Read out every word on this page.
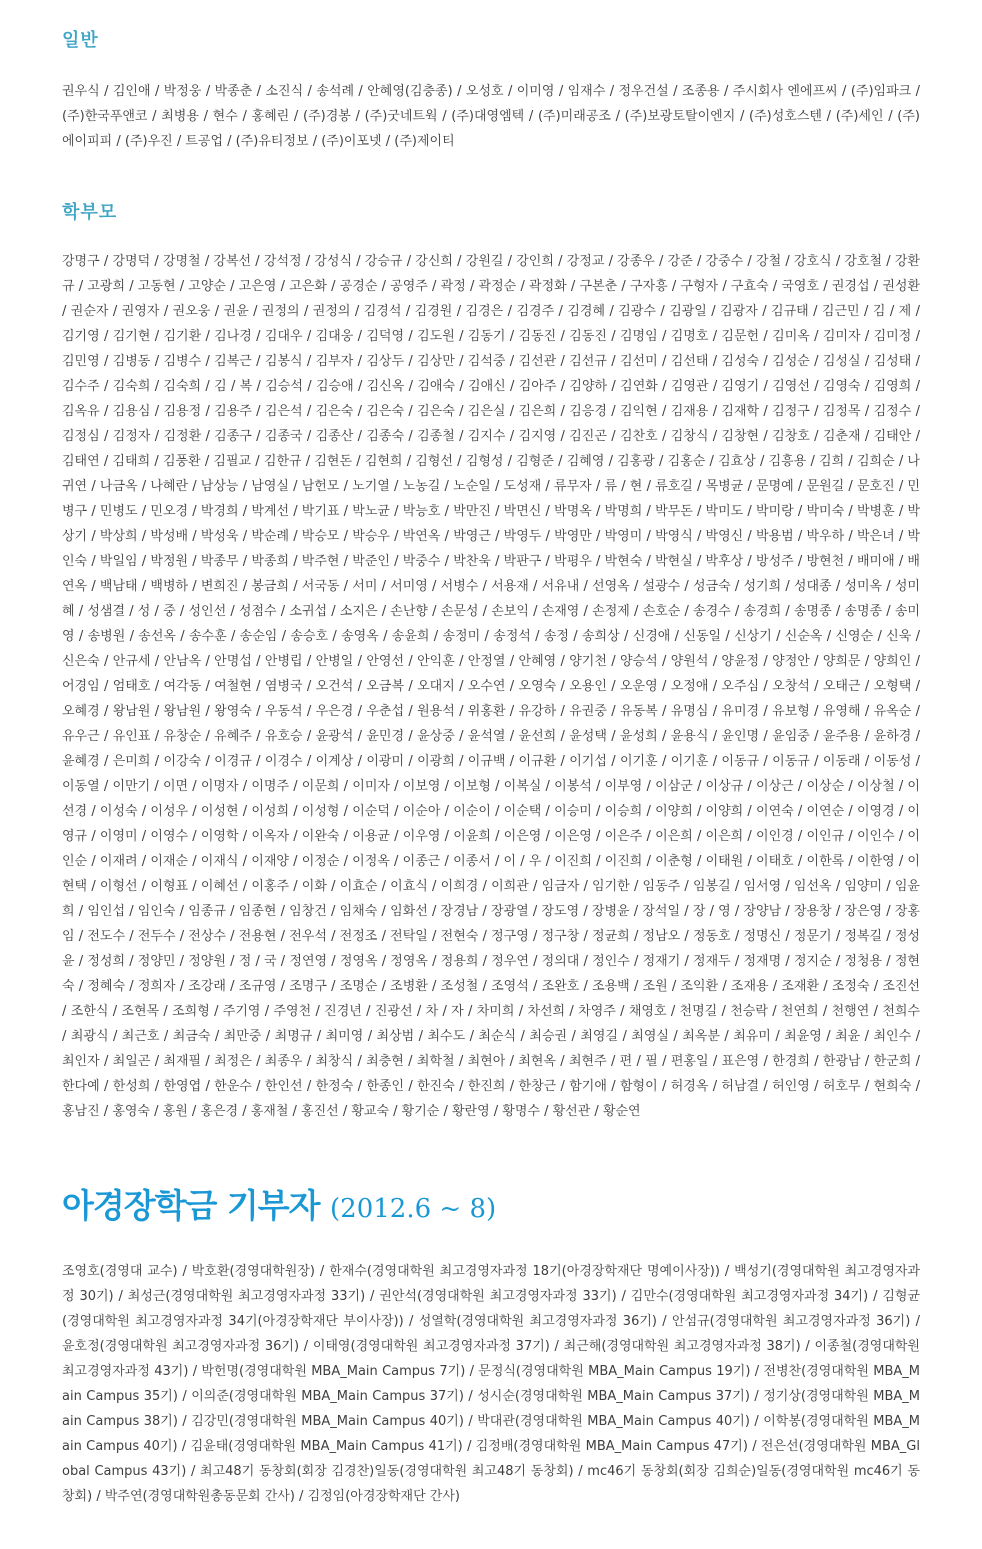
일반

권우식 / 김인애 / 박정웅 / 박종춘 / 소진식 / 송석례 / 안혜영(김충종) / 오성호 / 이미영 / 임재수 / 정우건설 / 조종용 / 주시회사 엔에프씨 / (주)임파크 / (주)한국푸앤코 / 최병용 / 현수 / 홍혜린 / (주)경봉 / (주)굿네트웍 / (주)대영엠텍 / (주)미래공조 / (주)보광토탈이엔지 / (주)성호스텐 / (주)세인 / (주)에이피피 / (주)우진 / 트공업 / (주)유티정보 / (주)이포넷 / (주)제이티

학부모

강명구 / 강명덕 / 강명철 / 강복선 / 강석정 / 강성식 / 강승규 / 강신희 / 강원길 / 강인희 / 강정교 / 강종우 / 강준 / 강중수 / 강철 / 강호식 / 강호철 / 강환규 / 고광희 / 고동현 / 고양순 / 고은영 / 고은화 / 공경순 / 공영주 / 곽정 / 곽정순 / 곽정화 / 구본춘 / 구자흥 / 구형자 / 구효숙 / 국영호 / 권경섭 / 권성환 / 권순자 / 권영자 / 권오웅 / 권윤 / 권정의 / 권정의 / 김경석 / 김경원 / 김경은 / 김경주 / 김경혜 / 김광수 / 김광일 / 김광자 / 김규태 / 김근민 / 김 / 제 / 김기영 / 김기현 / 김기환 / 김나경 / 김대우 / 김대웅 / 김덕영 / 김도원 / 김동기 / 김동진 / 김동진 / 김명임 / 김명호 / 김문헌 / 김미옥 / 김미자 / 김미정 / 김민영 / 김병동 / 김병수 / 김복근 / 김봉식 / 김부자 / 김상두 / 김상만 / 김석중 / 김선관 / 김선규 / 김선미 / 김선태 / 김성숙 / 김성순 / 김성실 / 김성태 / 김수주 / 김숙희 / 김숙희 / 김 / 복 / 김승석 / 김승애 / 김신옥 / 김애숙 / 김애신 / 김아주 / 김양하 / 김연화 / 김영관 / 김영기 / 김영선 / 김영숙 / 김영희 / 김옥유 / 김용심 / 김용정 / 김용주 / 김은석 / 김은숙 / 김은숙 / 김은숙 / 김은실 / 김은희 / 김응경 / 김익현 / 김재용 / 김재학 / 김정구 / 김정목 / 김정수 / 김정심 / 김정자 / 김정환 / 김종구 / 김종국 / 김종산 / 김종숙 / 김종철 / 김지수 / 김지영 / 김진곤 / 김찬호 / 김창식 / 김창현 / 김창호 / 김춘재 / 김태안 / 김태연 / 김태희 / 김풍환 / 김필교 / 김한규 / 김현돈 / 김현희 / 김형선 / 김형성 / 김형준 / 김혜영 / 김홍광 / 김홍순 / 김효상 / 김흥용 / 김희 / 김희순 / 나귀연 / 나금옥 / 나혜란 / 남상능 / 남영실 / 남헌모 / 노기열 / 노농길 / 노순일 / 도성재 / 류무자 / 류 / 현 / 류호길 / 목병균 / 문명예 / 문원길 / 문호진 / 민병구 / 민병도 / 민오경 / 박경희 / 박계선 / 박기표 / 박노균 / 박능호 / 박만진 / 박면신 / 박명옥 / 박명희 / 박무돈 / 박미도 / 박미랑 / 박미숙 / 박병훈 / 박상기 / 박상희 / 박성배 / 박성욱 / 박순례 / 박승모 / 박승우 / 박연옥 / 박영근 / 박영두 / 박영만 / 박영미 / 박영식 / 박영신 / 박용범 / 박우하 / 박은녀 / 박인숙 / 박일임 / 박정원 / 박종무 / 박종희 / 박주현 / 박준인 / 박중수 / 박찬욱 / 박판구 / 박평우 / 박현숙 / 박현실 / 박후상 / 방성주 / 방현천 / 배미애 / 배연옥 / 백남태 / 백병하 / 변희진 / 봉금희 / 서국동 / 서미 / 서미영 / 서병수 / 서용재 / 서유내 / 선영옥 / 설광수 / 성금숙 / 성기희 / 성대종 / 성미옥 / 성미혜 / 성샘결 / 성 / 중 / 성인선 / 성점수 / 소귀섭 / 소지은 / 손난향 / 손문성 / 손보익 / 손재영 / 손정제 / 손호순 / 송경수 / 송경희 / 송명종 / 송명종 / 송미영 / 송병원 / 송선옥 / 송수훈 / 송순임 / 송승호 / 송영옥 / 송윤희 / 송정미 / 송정석 / 송정 / 송희상 / 신경애 / 신동일 / 신상기 / 신순옥 / 신영순 / 신욱 / 신은숙 / 안규세 / 안남옥 / 안명섭 / 안병립 / 안병일 / 안영선 / 안익훈 / 안정열 / 안혜영 / 양기천 / 양승석 / 양원석 / 양윤정 / 양정안 / 양희문 / 양희인 / 어경임 / 엄태호 / 여각동 / 여철현 / 염병국 / 오건석 / 오금복 / 오대지 / 오수연 / 오영숙 / 오용인 / 오운영 / 오정애 / 오주심 / 오창석 / 오태근 / 오형택 / 오혜경 / 왕남원 / 왕남원 / 왕영숙 / 우동석 / 우은경 / 우춘섭 / 원용석 / 위홍환 / 유강하 / 유권중 / 유동복 / 유명심 / 유미경 / 유보형 / 유영해 / 유옥순 / 유우근 / 유인표 / 유창순 / 유혜주 / 유호승 / 윤광석 / 윤민경 / 윤상중 / 윤석열 / 윤선희 / 윤성택 / 윤성희 / 윤용식 / 윤인명 / 윤임중 / 윤주용 / 윤하경 / 윤혜경 / 은미희 / 이강숙 / 이경규 / 이경수 / 이계상 / 이광미 / 이광희 / 이규백 / 이규환 / 이기섭 / 이기훈 / 이기훈 / 이동규 / 이동규 / 이동래 / 이동성 / 이동열 / 이만기 / 이면 / 이명자 / 이명주 / 이문희 / 이미자 / 이보영 / 이보형 / 이복실 / 이봉석 / 이부영 / 이삼군 / 이상규 / 이상근 / 이상순 / 이상철 / 이선경 / 이성숙 / 이성우 / 이성현 / 이성희 / 이성형 / 이순덕 / 이순아 / 이순이 / 이순택 / 이승미 / 이승희 / 이양희 / 이양희 / 이연숙 / 이연순 / 이영경 / 이영규 / 이영미 / 이영수 / 이영학 / 이옥자 / 이완숙 / 이용균 / 이우영 / 이윤희 / 이은영 / 이은영 / 이은주 / 이은희 / 이은희 / 이인경 / 이인규 / 이인수 / 이인순 / 이재려 / 이재순 / 이재식 / 이재양 / 이정순 / 이정옥 / 이종근 / 이종서 / 이 / 우 / 이진희 / 이진희 / 이춘형 / 이태원 / 이태호 / 이한록 / 이한영 / 이현택 / 이형선 / 이형표 / 이혜선 / 이홍주 / 이화 / 이효순 / 이효식 / 이희경 / 이희관 / 임금자 / 임기한 / 임동주 / 임봉길 / 임서영 / 임선옥 / 임양미 / 임윤희 / 임인섭 / 임인숙 / 임종규 / 임종현 / 임창건 / 임채숙 / 임화선 / 장경남 / 장광열 / 장도영 / 장병윤 / 장석일 / 장 / 영 / 장양남 / 장용창 / 장은영 / 장홍임 / 전도수 / 전두수 / 전상수 / 전용현 / 전우석 / 전정조 / 전탁일 / 전현숙 / 정구영 / 정구창 / 정균희 / 정남오 / 정동호 / 정명신 / 정문기 / 정복길 / 정성윤 / 정성희 / 정양민 / 정양원 / 정 / 국 / 정연영 / 정영옥 / 정영옥 / 정용희 / 정우연 / 정의대 / 정인수 / 정재기 / 정재두 / 정재명 / 정지순 / 정청용 / 정현숙 / 정혜숙 / 정희자 / 조강래 / 조규영 / 조명구 / 조명순 / 조병환 / 조성철 / 조영석 / 조완호 / 조용백 / 조원 / 조익환 / 조재용 / 조재환 / 조정숙 / 조진선 / 조한식 / 조현목 / 조희형 / 주기영 / 주영천 / 진경년 / 진광선 / 차 / 자 / 차미희 / 차선희 / 차영주 / 채영호 / 천명길 / 천승락 / 천연희 / 천행연 / 천희수 / 최광식 / 최근호 / 최금숙 / 최만중 / 최명규 / 최미영 / 최상범 / 최수도 / 최순식 / 최승권 / 최영길 / 최영실 / 최옥분 / 최유미 / 최윤영 / 최윤 / 최인수 / 최인자 / 최일곤 / 최재필 / 최정은 / 최종우 / 최창식 / 최충현 / 최학철 / 최현아 / 최현옥 / 최현주 / 편 / 필 / 편홍일 / 표은영 / 한경희 / 한광남 / 한군희 / 한다예 / 한성희 / 한영엽 / 한운수 / 한인선 / 한정숙 / 한종인 / 한진숙 / 한진희 / 한창근 / 함기애 / 함형이 / 허경옥 / 허남결 / 허인영 / 허호무 / 현희숙 / 홍남진 / 홍영숙 / 홍원 / 홍은경 / 홍재철 / 홍진선 / 황교숙 / 황기순 / 황란영 / 황명수 / 황선관 / 황순연

아경장학금 기부자 (2012.6 ~ 8)

조영호(경영대 교수) / 박호환(경영대학원장) / 한재수(경영대학원 최고경영자과정 18기(아경장학재단 명예이사장)) / 백성기(경영대학원 최고경영자과정 30기) / 최성근(경영대학원 최고경영자과정 33기) / 권안석(경영대학원 최고경영자과정 33기) / 김만수(경영대학원 최고경영자과정 34기) / 김형균(경영대학원 최고경영자과정 34기(아경장학재단 부이사장)) / 성열학(경영대학원 최고경영자과정 36기) / 안섬규(경영대학원 최고경영자과정 36기) / 윤호정(경영대학원 최고경영자과정 36기) / 이태영(경영대학원 최고경영자과정 37기) / 최근해(경영대학원 최고경영자과정 38기) / 이종철(경영대학원 최고경영자과정 43기) / 박헌명(경영대학원 MBA_Main Campus 7기) / 문정식(경영대학원 MBA_Main Campus 19기) / 전병찬(경영대학원 MBA_Main Campus 35기) / 이의준(경영대학원 MBA_Main Campus 37기) / 성시순(경영대학원 MBA_Main Campus 37기) / 정기상(경영대학원 MBA_Main Campus 38기) / 김강민(경영대학원 MBA_Main Campus 40기) / 박대관(경영대학원 MBA_Main Campus 40기) / 이학봉(경영대학원 MBA_Main Campus 40기) / 김윤태(경영대학원 MBA_Main Campus 41기) / 김정배(경영대학원 MBA_Main Campus 47기) / 전은선(경영대학원 MBA_Global Campus 43기) / 최고48기 동창회(회장 김경찬)일동(경영대학원 최고48기 동창회) / mc46기 동창회(회장 김희순)일동(경영대학원 mc46기 동창회) / 박주연(경영대학원총동문회 간사) / 김정임(아경장학재단 간사)
